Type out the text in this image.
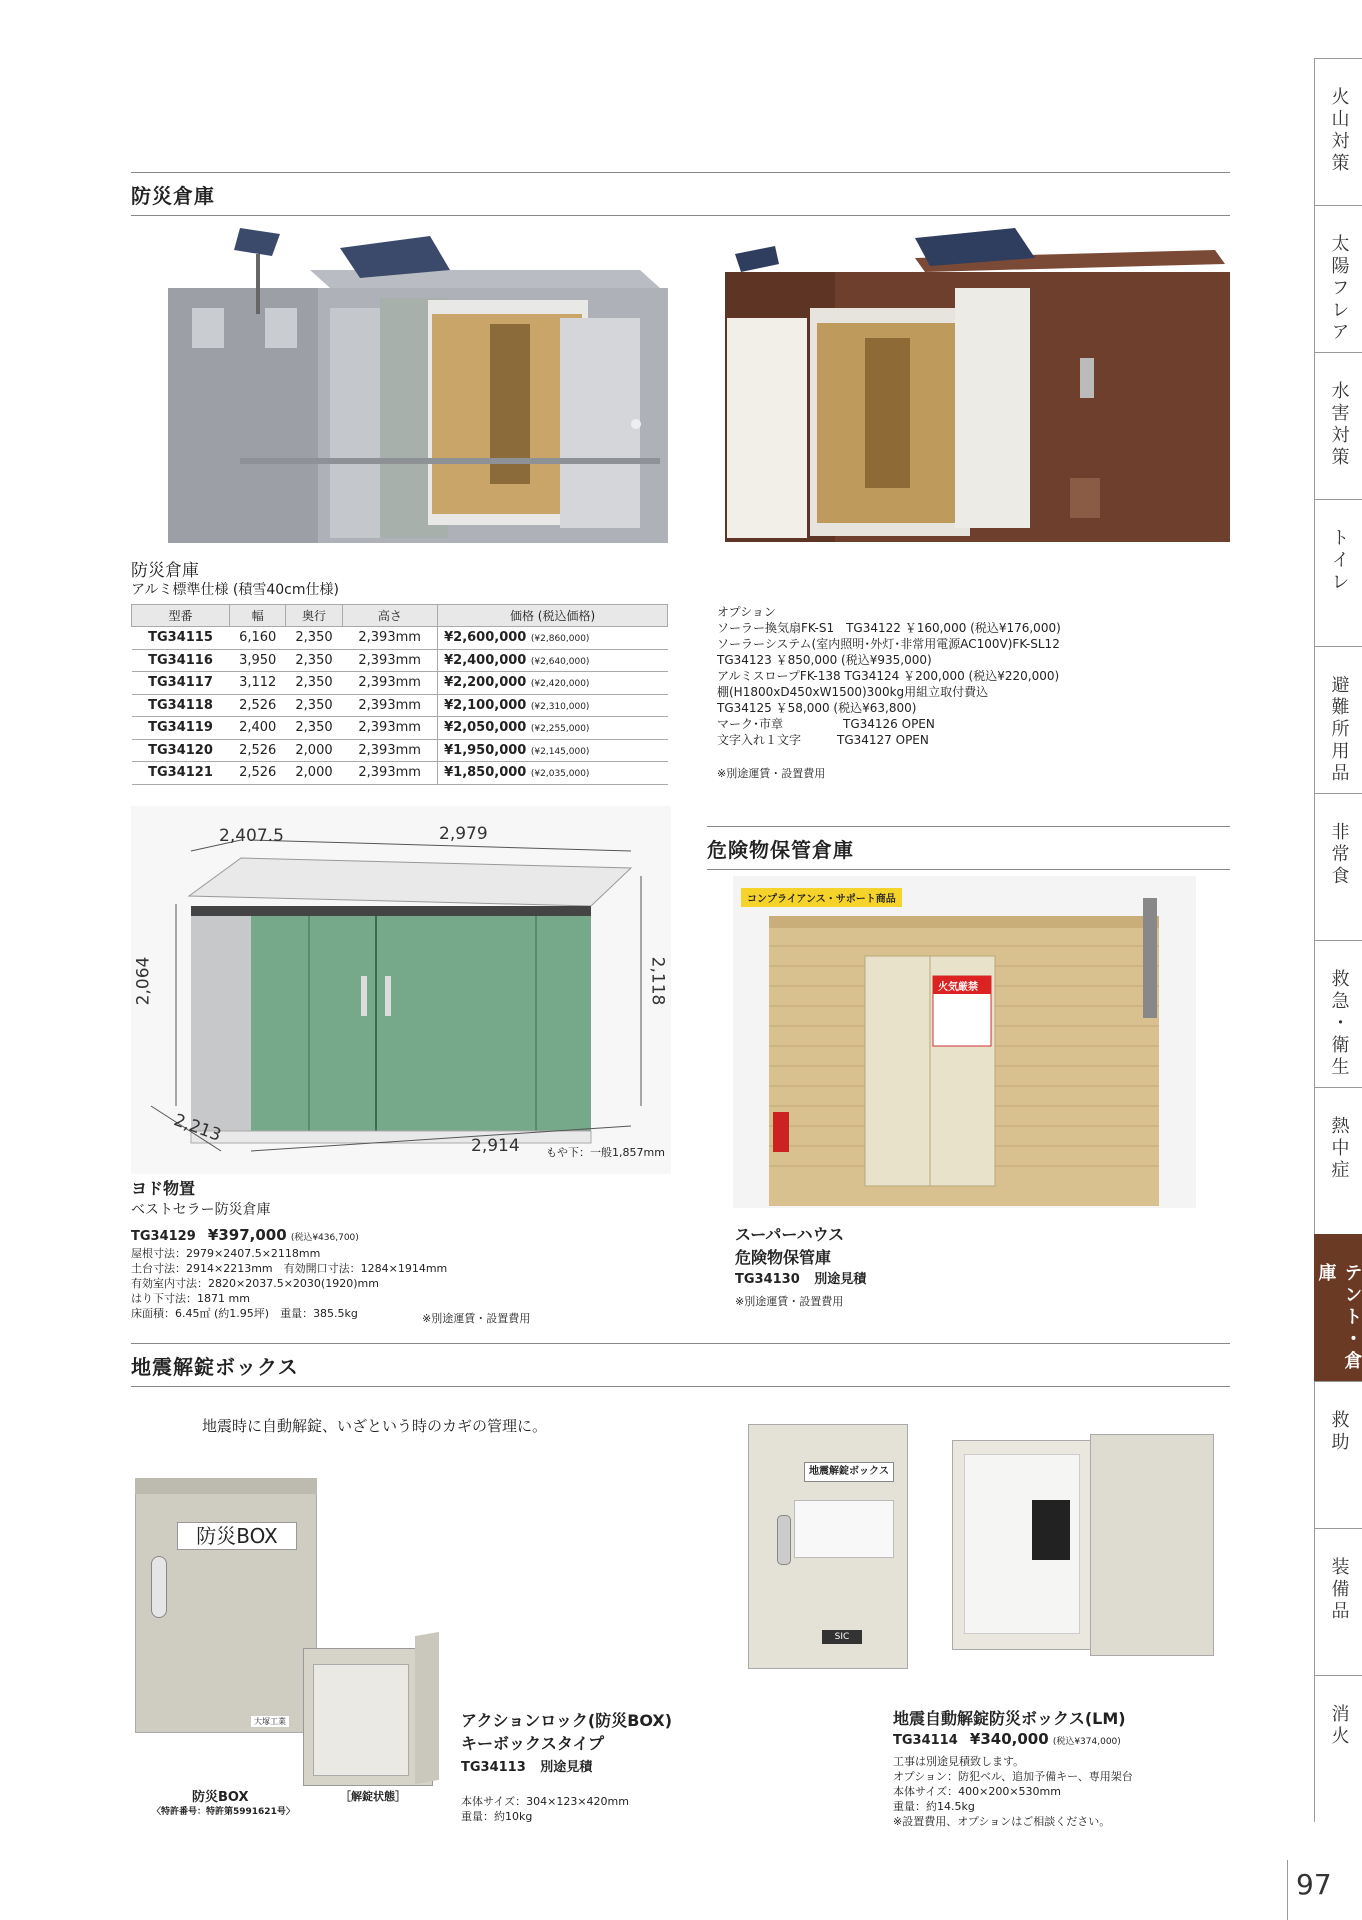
火山対策
太陽フレア
水害対策
トイレ
避難所用品
非常食
救急・衛生
熱中症
テント・倉庫
救助
装備品
消火
97
防災倉庫
防災倉庫
アルミ標準仕様 (積雪40cm仕様)
型番	幅	奥行	高さ	価格 (税込価格)
TG34115	6,160	2,350	2,393mm	¥2,600,000 (¥2,860,000)
TG34116	3,950	2,350	2,393mm	¥2,400,000 (¥2,640,000)
TG34117	3,112	2,350	2,393mm	¥2,200,000 (¥2,420,000)
TG34118	2,526	2,350	2,393mm	¥2,100,000 (¥2,310,000)
TG34119	2,400	2,350	2,393mm	¥2,050,000 (¥2,255,000)
TG34120	2,526	2,000	2,393mm	¥1,950,000 (¥2,145,000)
TG34121	2,526	2,000	2,393mm	¥1,850,000 (¥2,035,000)
オプション
ソーラー換気扇FK-S1　TG34122 ￥160,000 (税込¥176,000)
ソーラーシステム(室内照明･外灯･非常用電源AC100V)FK-SL12
TG34123 ￥850,000 (税込¥935,000)
アルミスロープFK-138 TG34124 ￥200,000 (税込¥220,000)
棚(H1800xD450xW1500)300kg用組立取付費込
TG34125 ￥58,000 (税込¥63,800)
マーク･市章　　　　　TG34126 OPEN
文字入れ１文字　　　TG34127 OPEN
※別途運賃・設置費用
2,407.5	2,979
2,064	2,118
2,213
2,914 もや下：一般1,857mm
ヨド物置
ベストセラー防災倉庫
TG34129 ¥397,000 (税込¥436,700)
屋根寸法：2979×2407.5×2118mm
土台寸法：2914×2213mm　有効開口寸法：1284×1914mm
有効室内寸法：2820×2037.5×2030(1920)mm
はり下寸法：1871 mm
床面積：6.45㎡ (約1.95坪)　重量：385.5kg	※別途運賃・設置費用
危険物保管倉庫
コンプライアンス・サポート商品
火気厳禁
スーパーハウス
危険物保管庫
TG34130 別途見積
※別途運賃・設置費用
地震解錠ボックス
地震時に自動解錠、いざという時のカギの管理に。
防災BOX
大塚工業
防災BOX
〈特許番号：特許第5991621号〉
［解錠状態］
アクションロック(防災BOX)
キーボックスタイプ
TG34113 別途見積
本体サイズ：304×123×420mm
重量：約10kg
地震解錠ボックス
SIC
地震自動解錠防災ボックス(LM)
TG34114 ¥340,000 (税込¥374,000)
工事は別途見積致します。
オプション：防犯ベル、追加予備キー、専用架台
本体サイズ：400×200×530mm
重量：約14.5kg
※設置費用、オプションはご相談ください。
